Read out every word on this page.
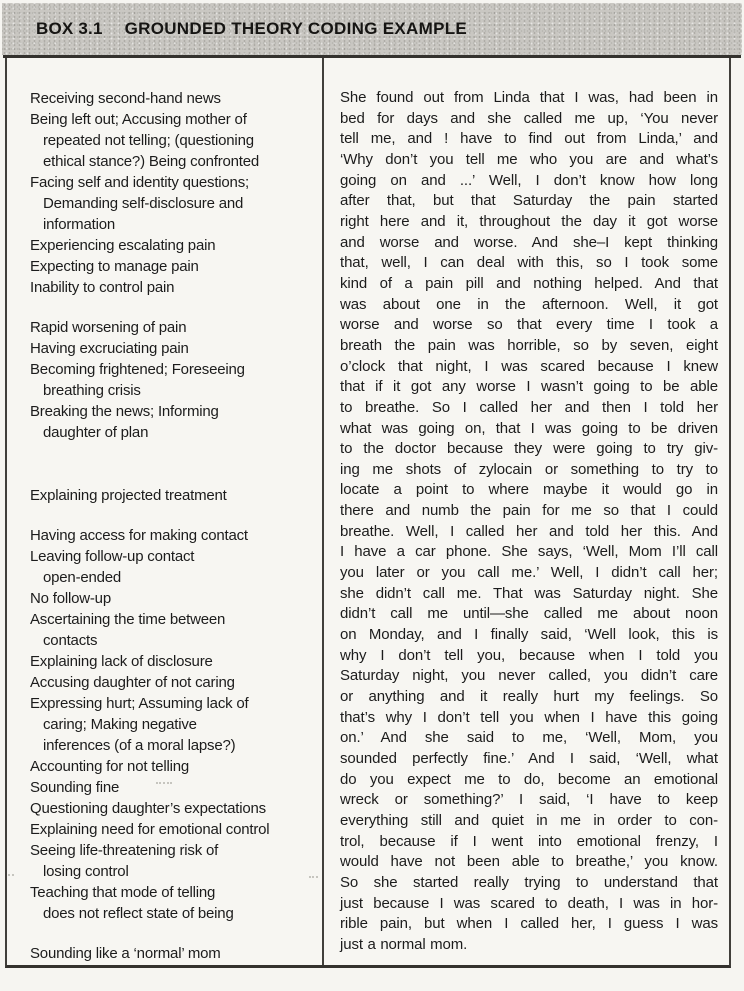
BOX 3.1 GROUNDED THEORY CODING EXAMPLE
Receiving second-hand news
Being left out; Accusing mother of
repeated not telling; (questioning
ethical stance?) Being confronted
Facing self and identity questions;
Demanding self-disclosure and
information
Experiencing escalating pain
Expecting to manage pain
Inability to control pain
Rapid worsening of pain
Having excruciating pain
Becoming frightened; Foreseeing
breathing crisis
Breaking the news; Informing
daughter of plan
Explaining projected treatment
Having access for making contact
Leaving follow-up contact
open-ended
No follow-up
Ascertaining the time between
contacts
Explaining lack of disclosure
Accusing daughter of not caring
Expressing hurt; Assuming lack of
caring; Making negative
inferences (of a moral lapse?)
Accounting for not telling
Sounding fine
Questioning daughter’s expectations
Explaining need for emotional control
Seeing life-threatening risk of
losing control
Teaching that mode of telling
does not reflect state of being
Sounding like a ‘normal’ mom
She found out from Linda that I was, had been in
bed for days and she called me up, ‘You never
tell me, and ! have to find out from Linda,’ and
‘Why don’t you tell me who you are and what’s
going on and ...’ Well, I don’t know how long
after that, but that Saturday the pain started
right here and it, throughout the day it got worse
and worse and worse. And she–I kept thinking
that, well, I can deal with this, so I took some
kind of a pain pill and nothing helped. And that
was about one in the afternoon. Well, it got
worse and worse so that every time I took a
breath the pain was horrible, so by seven, eight
o’clock that night, I was scared because I knew
that if it got any worse I wasn’t going to be able
to breathe. So I called her and then I told her
what was going on, that I was going to be driven
to the doctor because they were going to try giv-
ing me shots of zylocain or something to try to
locate a point to where maybe it would go in
there and numb the pain for me so that I could
breathe. Well, I called her and told her this. And
I have a car phone. She says, ‘Well, Mom I’ll call
you later or you call me.’ Well, I didn’t call her;
she didn’t call me. That was Saturday night. She
didn’t call me until—she called me about noon
on Monday, and I finally said, ‘Well look, this is
why I don’t tell you, because when I told you
Saturday night, you never called, you didn’t care
or anything and it really hurt my feelings. So
that’s why I don’t tell you when I have this going
on.’ And she said to me, ‘Well, Mom, you
sounded perfectly fine.’ And I said, ‘Well, what
do you expect me to do, become an emotional
wreck or something?’ I said, ‘I have to keep
everything still and quiet in me in order to con-
trol, because if I went into emotional frenzy, I
would have not been able to breathe,’ you know.
So she started really trying to understand that
just because I was scared to death, I was in hor-
rible pain, but when I called her, I guess I was
just a normal mom.
